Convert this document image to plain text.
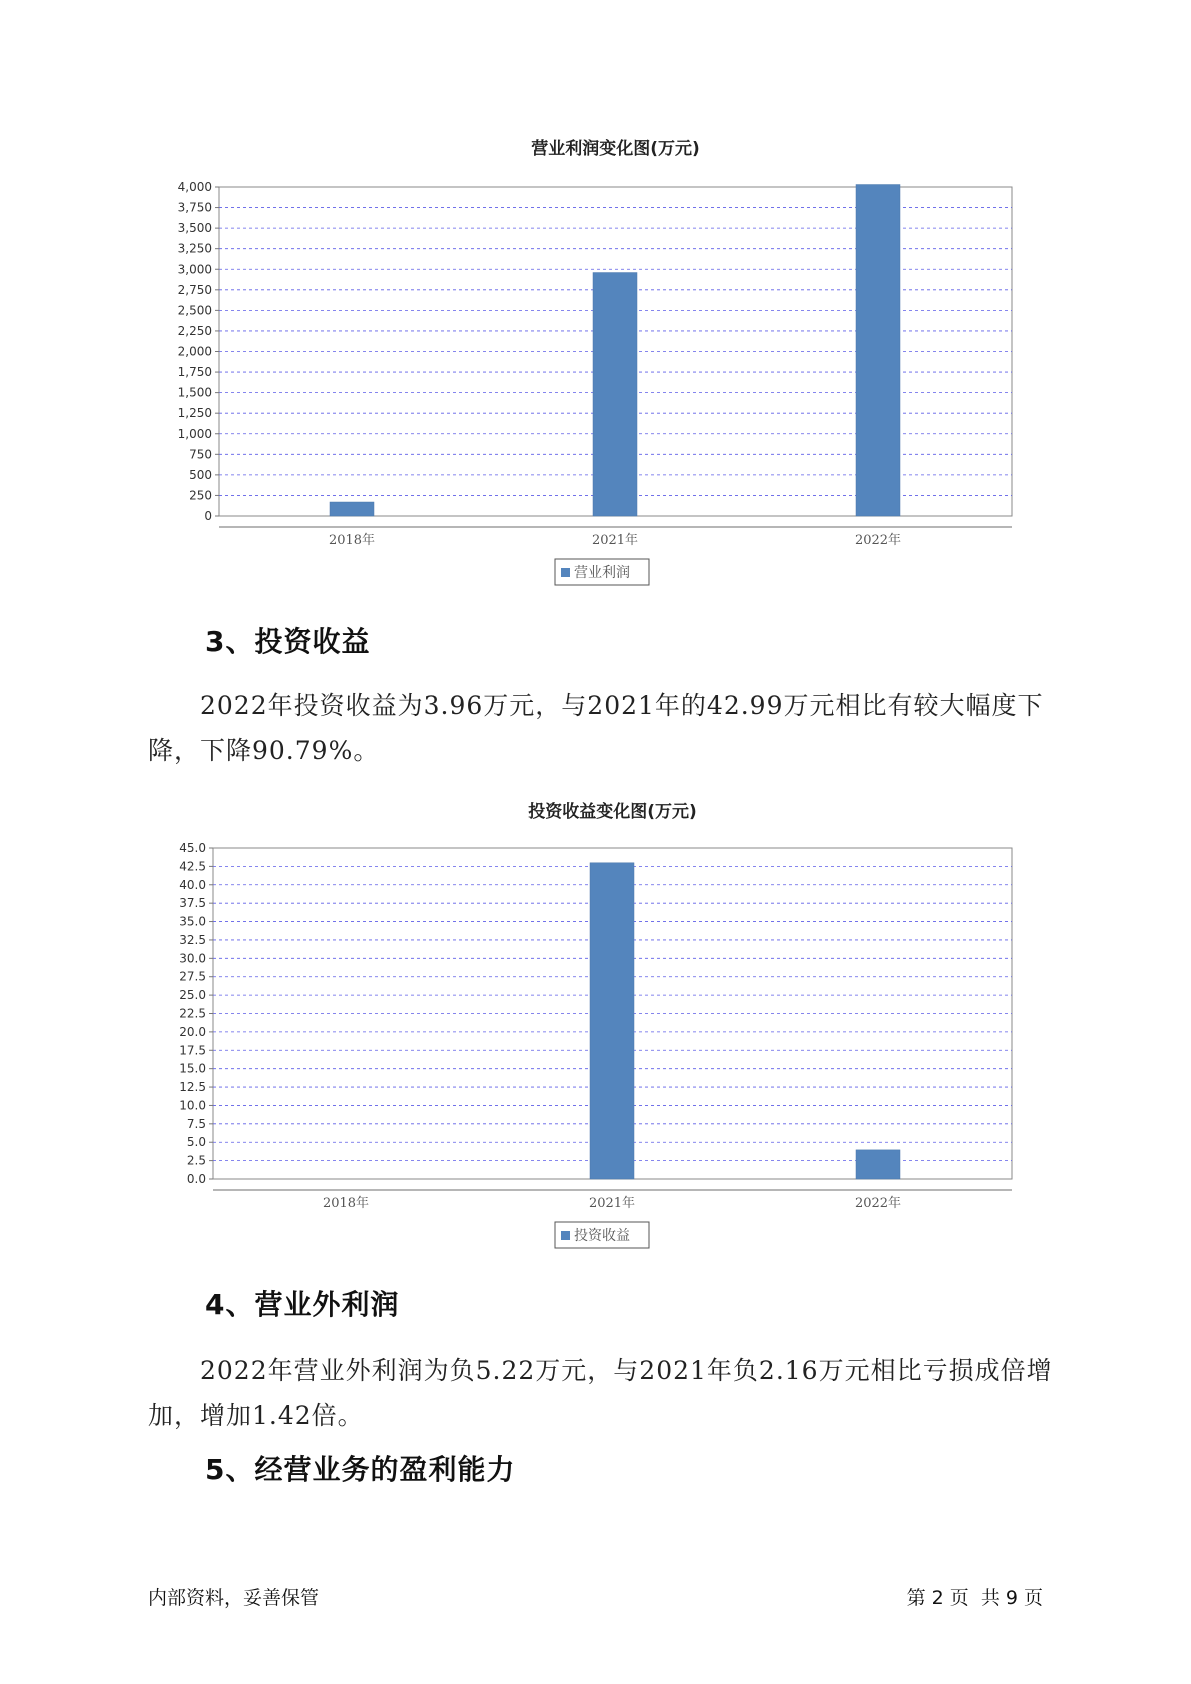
营业利润变化图(万元)
0
250
500
750
1,000
1,250
1,500
1,750
2,000
2,250
2,500
2,750
3,000
3,250
3,500
3,750
4,000
2018年	2021年	2022年
营业利润
3、投资收益

2022年投资收益为3.96万元，与2021年的42.99万元相比有较大幅度下降，下降90.79%。

投资收益变化图(万元)
0.0
2.5
5.0
7.5
10.0
12.5
15.0
17.5
20.0
22.5
25.0
27.5
30.0
32.5
35.0
37.5
40.0
42.5
45.0
2018年	2021年	2022年
投资收益
4、营业外利润

2022年营业外利润为负5.22万元，与2021年负2.16万元相比亏损成倍增加，增加1.42倍。

5、经营业务的盈利能力
内部资料，妥善保管	第 2 页  共 9 页
